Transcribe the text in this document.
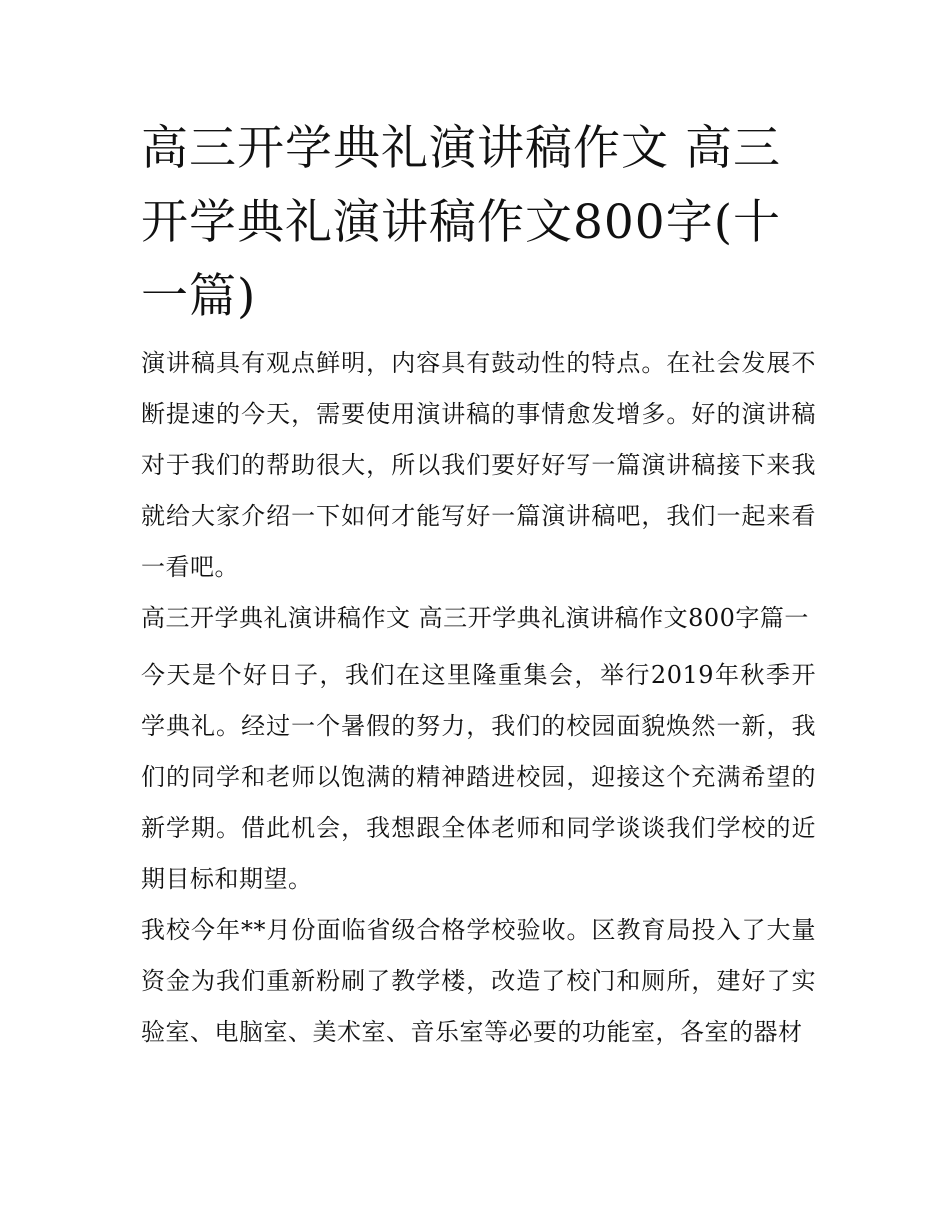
高三开学典礼演讲稿作文 高三开学典礼演讲稿作文800字(十一篇)

演讲稿具有观点鲜明，内容具有鼓动性的特点。在社会发展不断提速的今天，需要使用演讲稿的事情愈发增多。好的演讲稿对于我们的帮助很大，所以我们要好好写一篇演讲稿接下来我就给大家介绍一下如何才能写好一篇演讲稿吧，我们一起来看一看吧。

高三开学典礼演讲稿作文 高三开学典礼演讲稿作文800字篇一

今天是个好日子，我们在这里隆重集会，举行2019年秋季开学典礼。经过一个暑假的努力，我们的校园面貌焕然一新，我们的同学和老师以饱满的精神踏进校园，迎接这个充满希望的新学期。借此机会，我想跟全体老师和同学谈谈我们学校的近期目标和期望。

我校今年**月份面临省级合格学校验收。区教育局投入了大量资金为我们重新粉刷了教学楼，改造了校门和厕所，建好了实验室、电脑室、美术室、音乐室等必要的功能室，各室的器材
